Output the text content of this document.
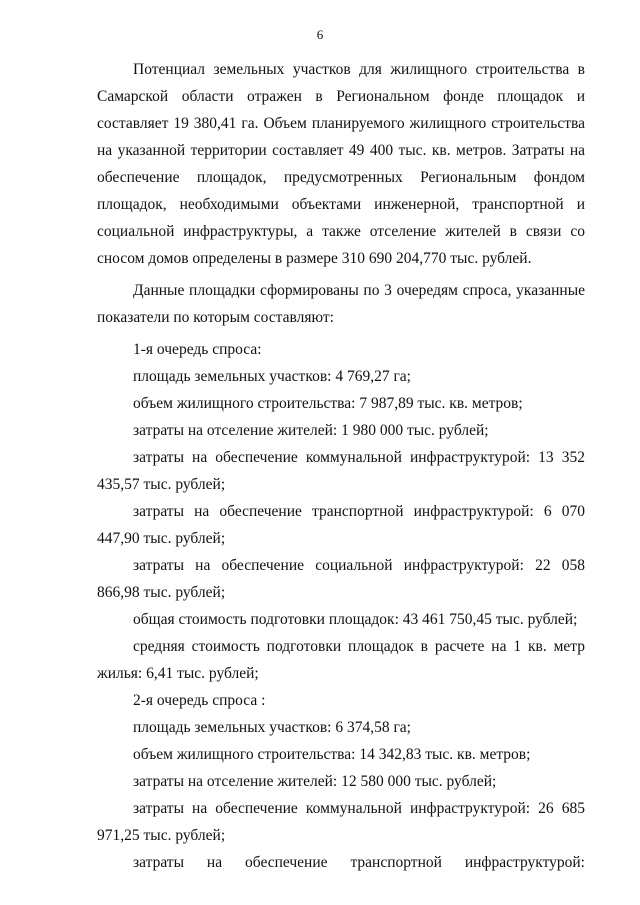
6

Потенциал земельных участков для жилищного строительства в Самарской области отражен в Региональном фонде площадок и составляет 19 380,41 га. Объем планируемого жилищного строительства на указанной территории составляет 49 400 тыс. кв. метров. Затраты на обеспечение площадок, предусмотренных Региональным фондом площадок, необходимыми объектами инженерной, транспортной и социальной инфраструктуры, а также отселение жителей в связи со сносом домов определены в размере 310 690 204,770 тыс. рублей.

Данные площадки сформированы по 3 очередям спроса, указанные показатели по которым составляют:

1-я очередь спроса:

площадь земельных участков: 4 769,27 га;

объем жилищного строительства: 7 987,89 тыс. кв. метров;

затраты на отселение жителей: 1 980 000 тыс. рублей;

затраты на обеспечение коммунальной инфраструктурой: 13 352 435,57 тыс. рублей;

затраты на обеспечение транспортной инфраструктурой: 6 070 447,90 тыс. рублей;

затраты на обеспечение социальной инфраструктурой: 22 058 866,98 тыс. рублей;

общая стоимость подготовки площадок: 43 461 750,45 тыс. рублей;

средняя стоимость подготовки площадок в расчете на 1 кв. метр жилья: 6,41 тыс. рублей;

2-я очередь спроса :

площадь земельных участков: 6 374,58 га;

объем жилищного строительства: 14 342,83 тыс. кв. метров;

затраты на отселение жителей: 12 580 000 тыс. рублей;

затраты на обеспечение коммунальной инфраструктурой: 26 685 971,25 тыс. рублей;

затраты на обеспечение транспортной инфраструктурой:
